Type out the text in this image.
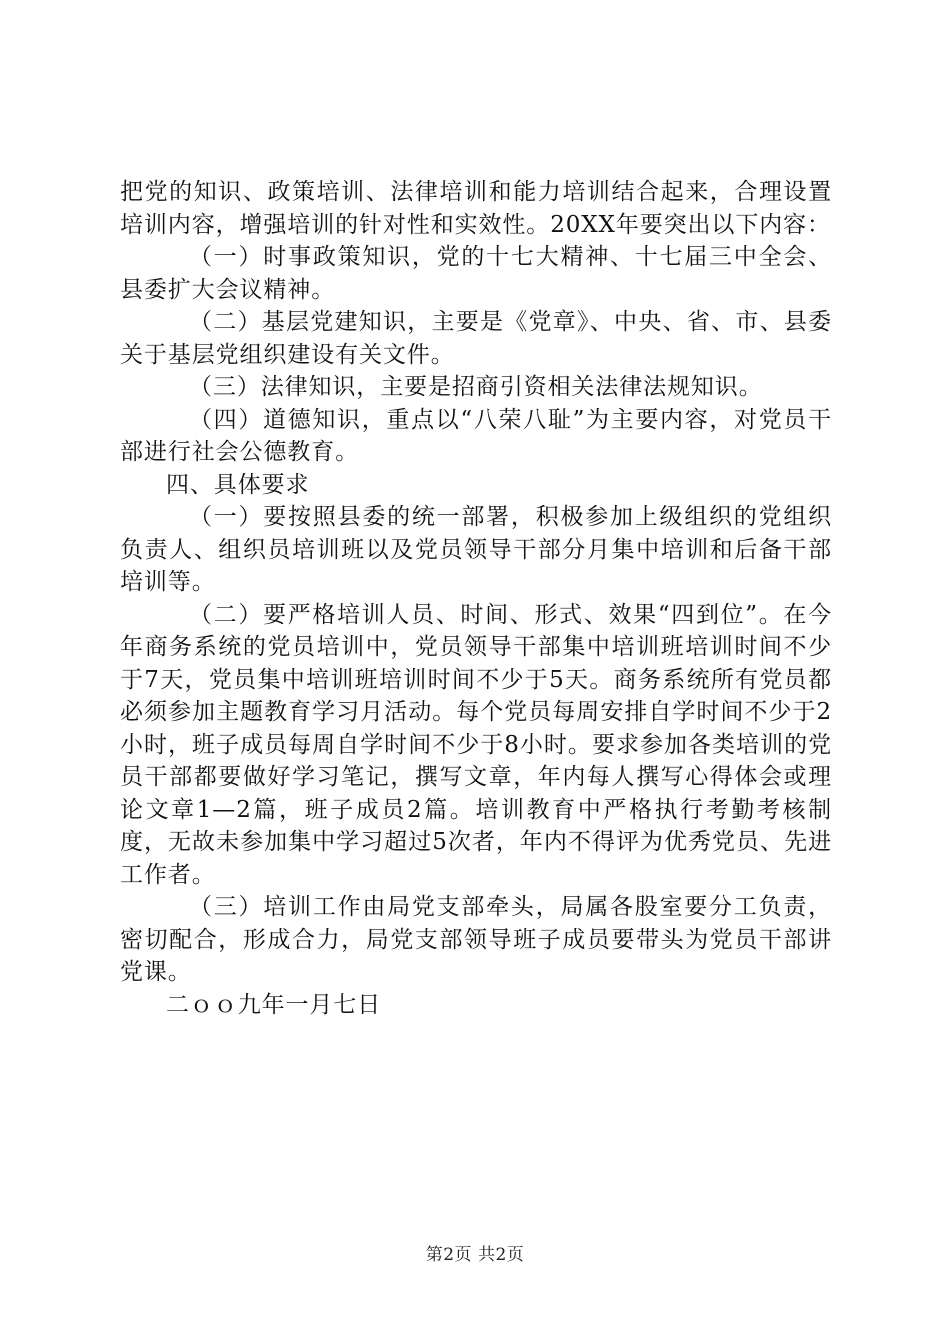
把党的知识、政策培训、法律培训和能力培训结合起来，合理设置培训内容，增强培训的针对性和实效性。20XX年要突出以下内容：

（一）时事政策知识，党的十七大精神、十七届三中全会、县委扩大会议精神。

（二）基层党建知识，主要是《党章》、中央、省、市、县委关于基层党组织建设有关文件。

（三）法律知识，主要是招商引资相关法律法规知识。

（四）道德知识，重点以“八荣八耻”为主要内容，对党员干部进行社会公德教育。

四、具体要求

（一）要按照县委的统一部署，积极参加上级组织的党组织负责人、组织员培训班以及党员领导干部分月集中培训和后备干部培训等。

（二）要严格培训人员、时间、形式、效果“四到位”。在今年商务系统的党员培训中，党员领导干部集中培训班培训时间不少于7天，党员集中培训班培训时间不少于5天。商务系统所有党员都必须参加主题教育学习月活动。每个党员每周安排自学时间不少于2小时，班子成员每周自学时间不少于8小时。要求参加各类培训的党员干部都要做好学习笔记，撰写文章，年内每人撰写心得体会或理论文章1—2篇，班子成员2篇。培训教育中严格执行考勤考核制度，无故未参加集中学习超过5次者，年内不得评为优秀党员、先进工作者。

（三）培训工作由局党支部牵头，局属各股室要分工负责，密切配合，形成合力，局党支部领导班子成员要带头为党员干部讲党课。

二ｏｏ九年一月七日

第2页 共2页
